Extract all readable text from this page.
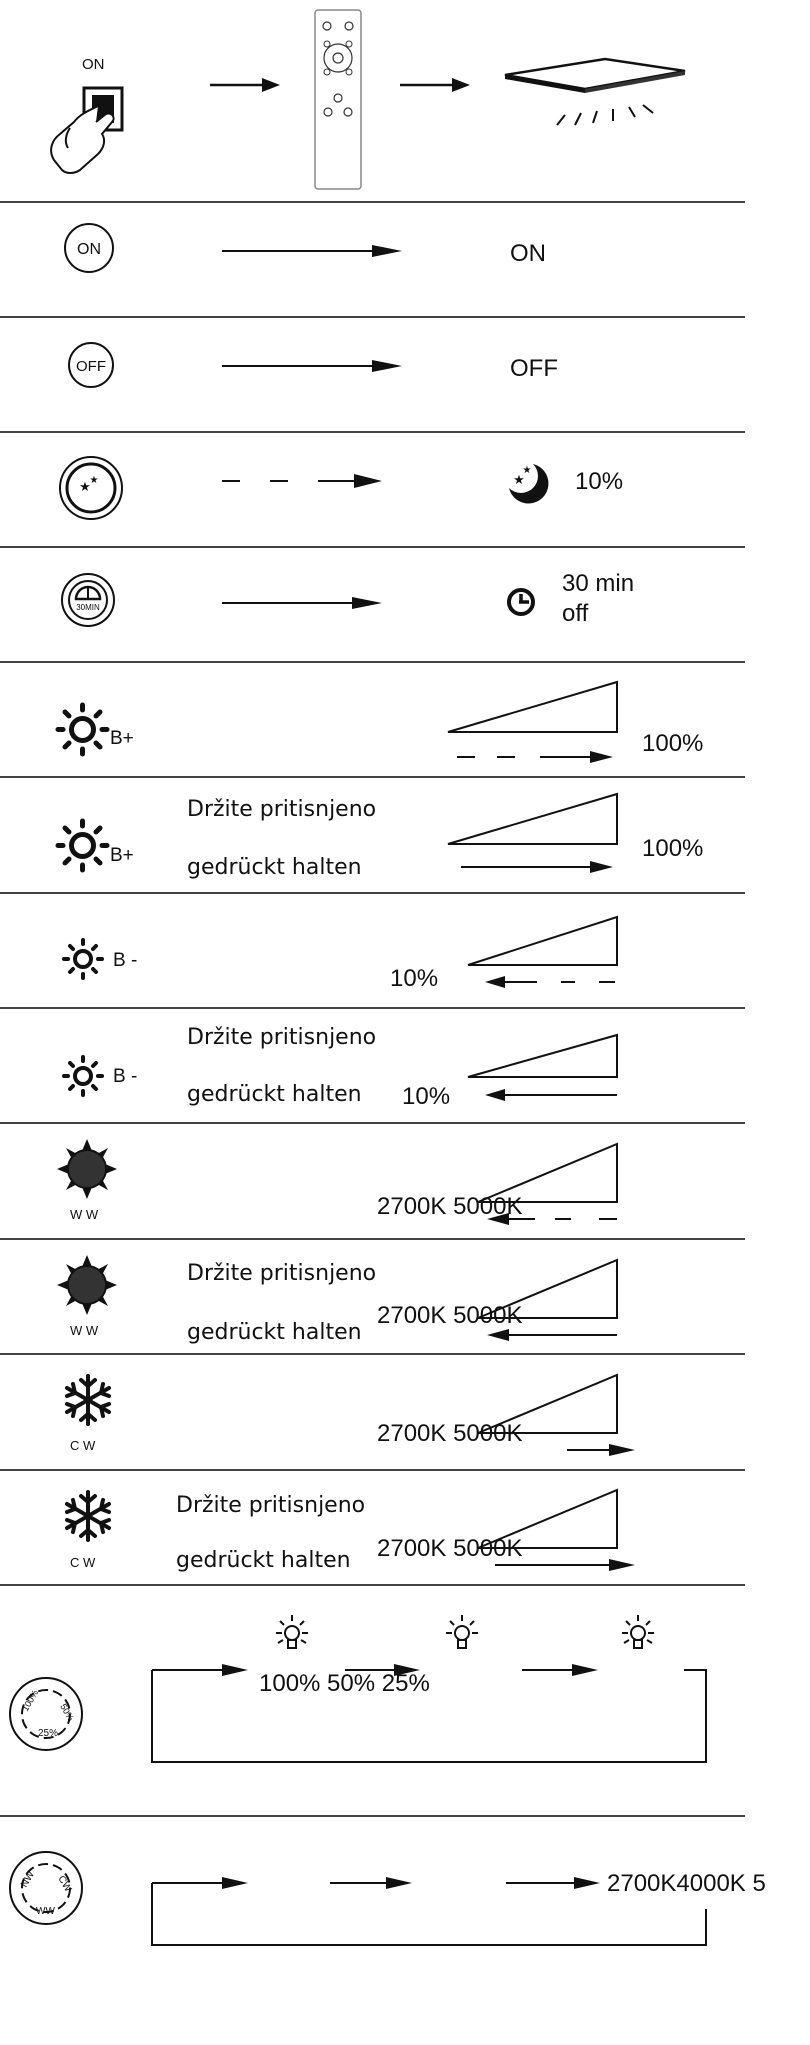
ON
ON	ON
OFF	OFF
★
★	★
★ 10%
30MIN
30 min
off
B+	100%
B+
Držite pritisnjeno
gedrückt halten
100%
B -
10%
B -
Držite pritisnjeno
gedrückt halten 10%
W W	2700K 5000K
W W
Držite pritisnjeno
gedrückt halten
2700K 5000K
C W	2700K 5000K
C W
Držite pritisnjeno
gedrückt halten 2700K 5000K
100% 50%
25%
100% 50% 25%
NW CW
WW
2700K4000K 5
